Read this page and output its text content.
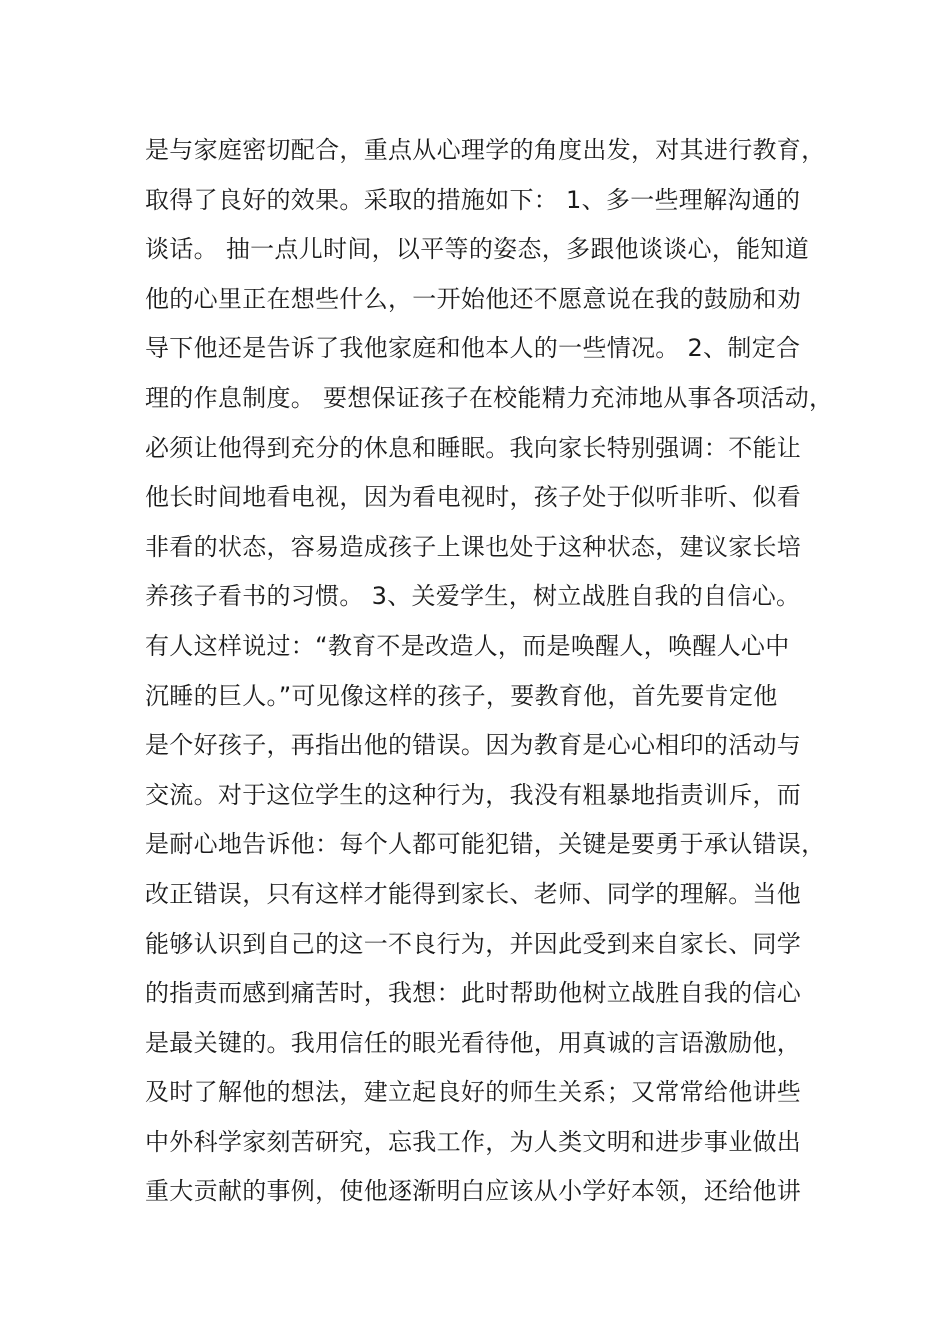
是与家庭密切配合，重点从心理学的角度出发，对其进行教育，
取得了良好的效果。采取的措施如下： 1、多一些理解沟通的
谈话。 抽一点儿时间，以平等的姿态，多跟他谈谈心，能知道
他的心里正在想些什么，一开始他还不愿意说在我的鼓励和劝
导下他还是告诉了我他家庭和他本人的一些情况。 2、制定合
理的作息制度。 要想保证孩子在校能精力充沛地从事各项活动，
必须让他得到充分的休息和睡眠。我向家长特别强调：不能让
他长时间地看电视，因为看电视时，孩子处于似听非听、似看
非看的状态，容易造成孩子上课也处于这种状态，建议家长培
养孩子看书的习惯。 3、关爱学生，树立战胜自我的自信心。
有人这样说过：“教育不是改造人，而是唤醒人，唤醒人心中
沉睡的巨人。”可见像这样的孩子，要教育他，首先要肯定他
是个好孩子，再指出他的错误。因为教育是心心相印的活动与
交流。对于这位学生的这种行为，我没有粗暴地指责训斥，而
是耐心地告诉他：每个人都可能犯错，关键是要勇于承认错误，
改正错误，只有这样才能得到家长、老师、同学的理解。当他
能够认识到自己的这一不良行为，并因此受到来自家长、同学
的指责而感到痛苦时，我想：此时帮助他树立战胜自我的信心
是最关键的。我用信任的眼光看待他，用真诚的言语激励他，
及时了解他的想法，建立起良好的师生关系；又常常给他讲些
中外科学家刻苦研究，忘我工作，为人类文明和进步事业做出
重大贡献的事例，使他逐渐明白应该从小学好本领，还给他讲
